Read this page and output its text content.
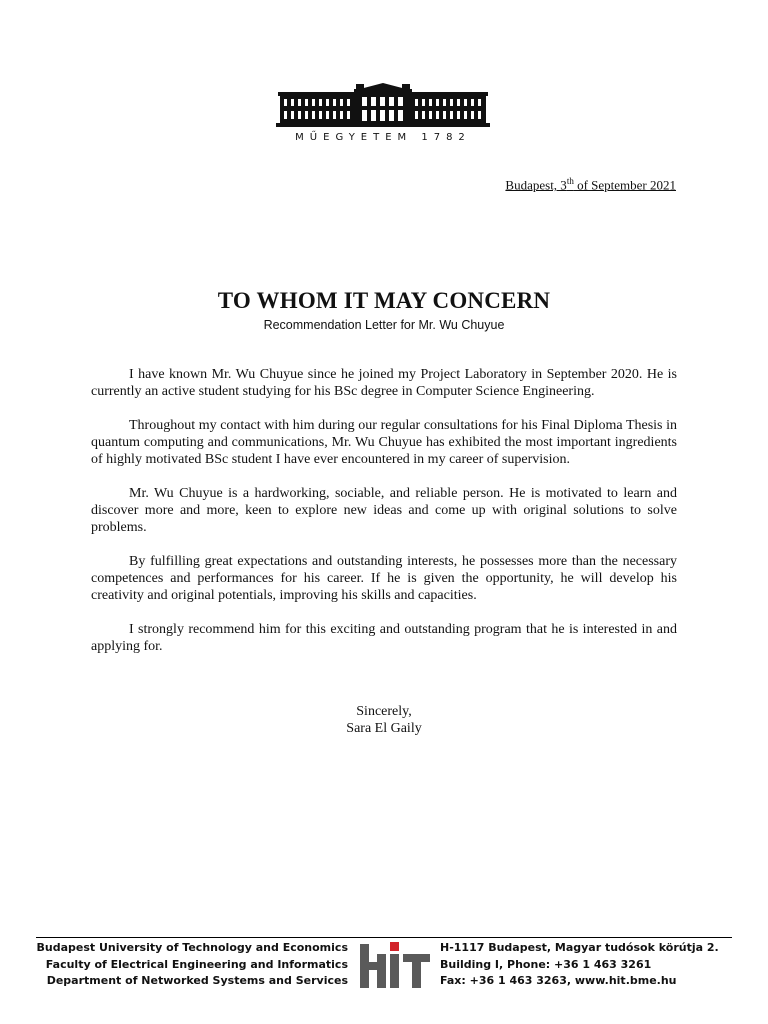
MŰEGYETEM 1782
Budapest, 3th of September 2021
TO WHOM IT MAY CONCERN
Recommendation Letter for Mr. Wu Chuyue

I have known Mr. Wu Chuyue since he joined my Project Laboratory in September 2020. He is currently an active student studying for his BSc degree in Computer Science Engineering.

Throughout my contact with him during our regular consultations for his Final Diploma Thesis in quantum computing and communications, Mr. Wu Chuyue has exhibited the most important ingredients of highly motivated BSc student I have ever encountered in my career of supervision.

Mr. Wu Chuyue is a hardworking, sociable, and reliable person. He is motivated to learn and discover more and more, keen to explore new ideas and come up with original solutions to solve problems.

By fulfilling great expectations and outstanding interests, he possesses more than the necessary competences and performances for his career. If he is given the opportunity, he will develop his creativity and original potentials, improving his skills and capacities.

I strongly recommend him for this exciting and outstanding program that he is interested in and applying for.

Sincerely,
Sara El Gaily
Budapest University of Technology and Economics
Faculty of Electrical Engineering and Informatics
Department of Networked Systems and Services
H-1117 Budapest, Magyar tudósok körútja 2.
Building I, Phone: +36 1 463 3261
Fax: +36 1 463 3263, www.hit.bme.hu
